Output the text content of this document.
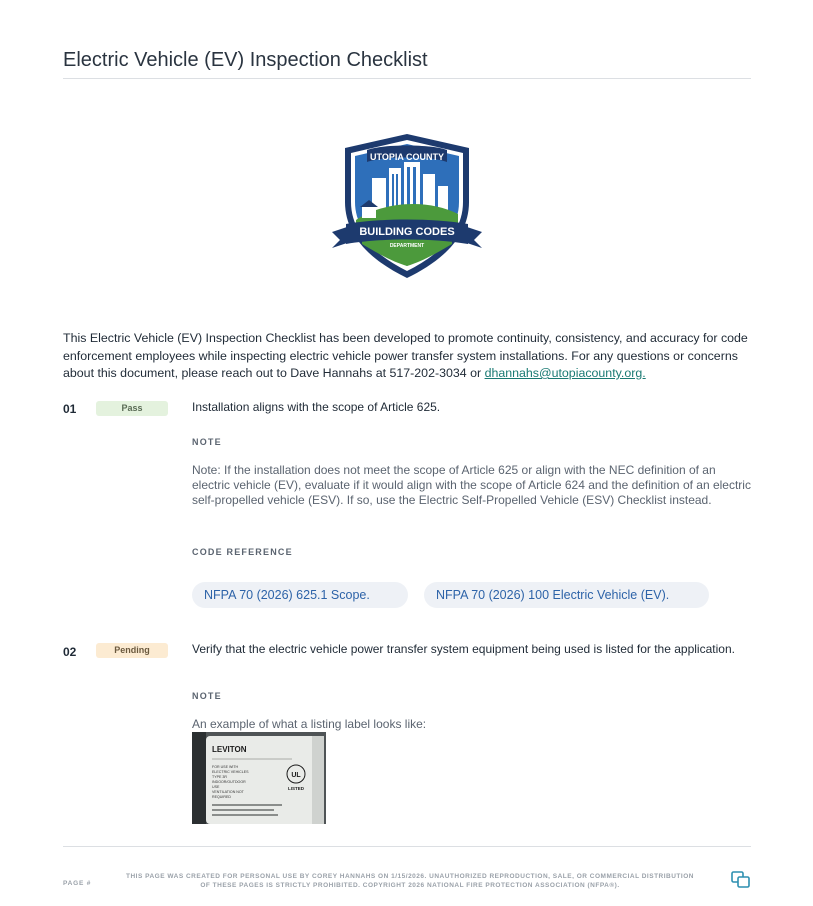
Electric Vehicle (EV) Inspection Checklist
UTOPIA COUNTY
BUILDING CODES
DEPARTMENT

This Electric Vehicle (EV) Inspection Checklist has been developed to promote continuity, consistency, and accuracy for code enforcement employees while inspecting electric vehicle power transfer system installations. For any questions or concerns about this document, please reach out to Dave Hannahs at 517-202-3034 or dhannahs@utopiacounty.org.

01	Pass	Installation aligns with the scope of Article 625.
NOTE
Note: If the installation does not meet the scope of Article 625 or align with the NEC definition of an electric vehicle (EV), evaluate if it would align with the scope of Article 624 and the definition of an electric self-propelled vehicle (ESV). If so, use the Electric Self-Propelled Vehicle (ESV) Checklist instead.
CODE REFERENCE
NFPA 70 (2026) 625.1 Scope.	NFPA 70 (2026) 100 Electric Vehicle (EV).
02	Pending	Verify that the electric vehicle power transfer system equipment being used is listed for the application.
NOTE
An example of what a listing label looks like:
LEVITON
FOR USE WITH
ELECTRIC VEHICLES
TYPE 3R
INDOOR/OUTDOOR
USE
VENTILATION NOT
REQUIRED
UL
LISTED
PAGE #
THIS PAGE WAS CREATED FOR PERSONAL USE BY COREY HANNAHS ON 1/15/2026. UNAUTHORIZED REPRODUCTION, SALE, OR COMMERCIAL DISTRIBUTION
OF THESE PAGES IS STRICTLY PROHIBITED. COPYRIGHT 2026 NATIONAL FIRE PROTECTION ASSOCIATION (NFPA®).
